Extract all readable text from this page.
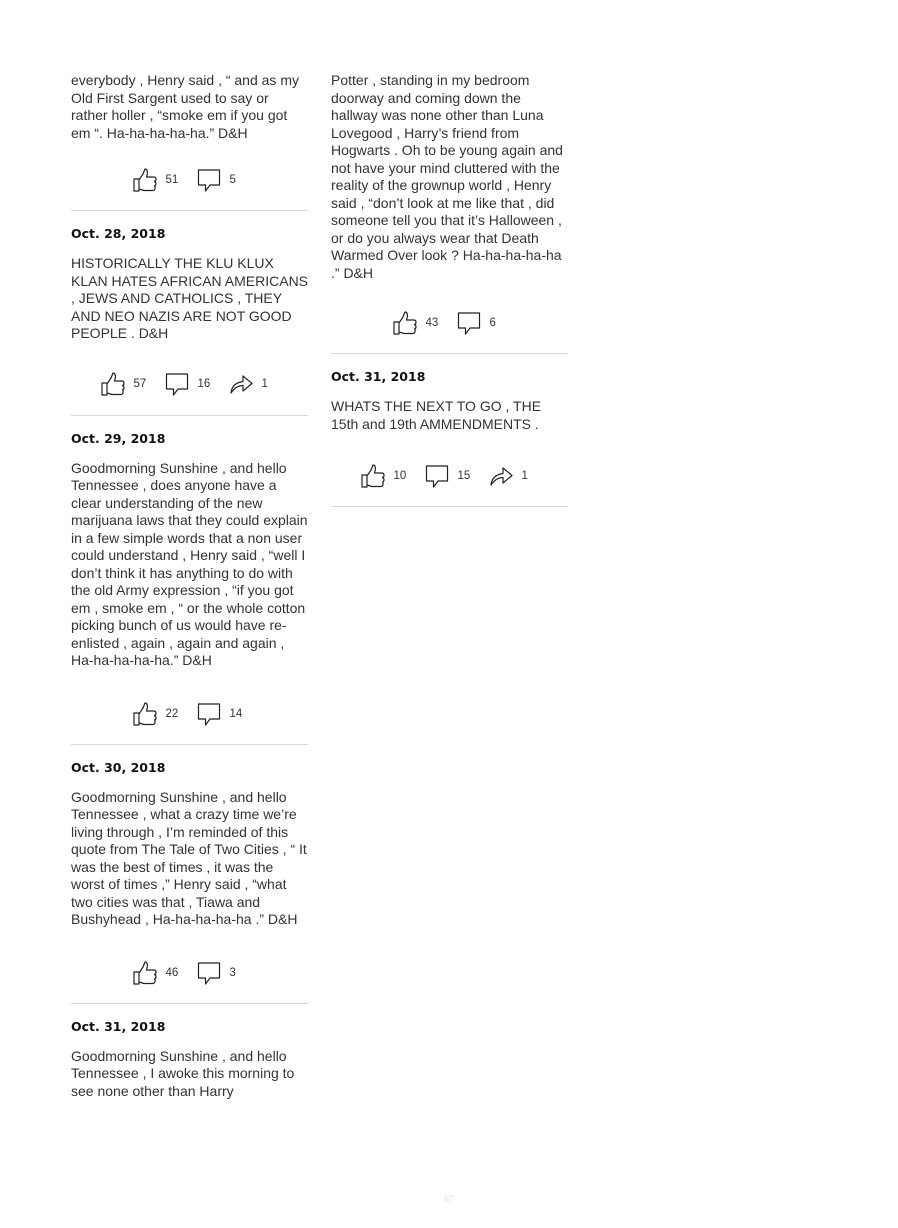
everybody , Henry said , “ and as my Old First Sargent used to say or rather holler , “smoke em if you got em “. Ha-ha-ha-ha-ha.” D&H

51	5

Oct. 28, 2018

HISTORICALLY THE KLU KLUX KLAN HATES AFRICAN AMERICANS , JEWS AND CATHOLICS , THEY AND NEO NAZIS ARE NOT GOOD PEOPLE . D&H

57	16	1

Oct. 29, 2018

Goodmorning Sunshine , and hello Tennessee , does anyone have a clear understanding of the new marijuana laws that they could explain in a few simple words that a non user could understand , Henry said , “well I don’t think it has anything to do with the old Army expression , “if you got em , smoke em , “ or the whole cotton picking bunch of us would have re-enlisted , again , again and again , Ha-ha-ha-ha-ha.” D&H

22	14

Oct. 30, 2018

Goodmorning Sunshine , and hello Tennessee , what a crazy time we’re living through , I’m reminded of this quote from The Tale of Two Cities , “ It was the best of times , it was the worst of times ,” Henry said , “what two cities was that , Tiawa and Bushyhead , Ha-ha-ha-ha-ha .” D&H

46	3

Oct. 31, 2018

Goodmorning Sunshine , and hello Tennessee , I awoke this morning to see none other than Harry

Potter , standing in my bedroom doorway and coming down the hallway was none other than Luna Lovegood , Harry’s friend from Hogwarts . Oh to be young again and not have your mind cluttered with the reality of the grownup world , Henry said , “don’t look at me like that , did someone tell you that it’s Halloween , or do you always wear that Death Warmed Over look ? Ha-ha-ha-ha-ha .” D&H

43	6

Oct. 31, 2018

WHATS THE NEXT TO GO , THE 15th and 19th AMMENDMENTS .

10	15	1
67
